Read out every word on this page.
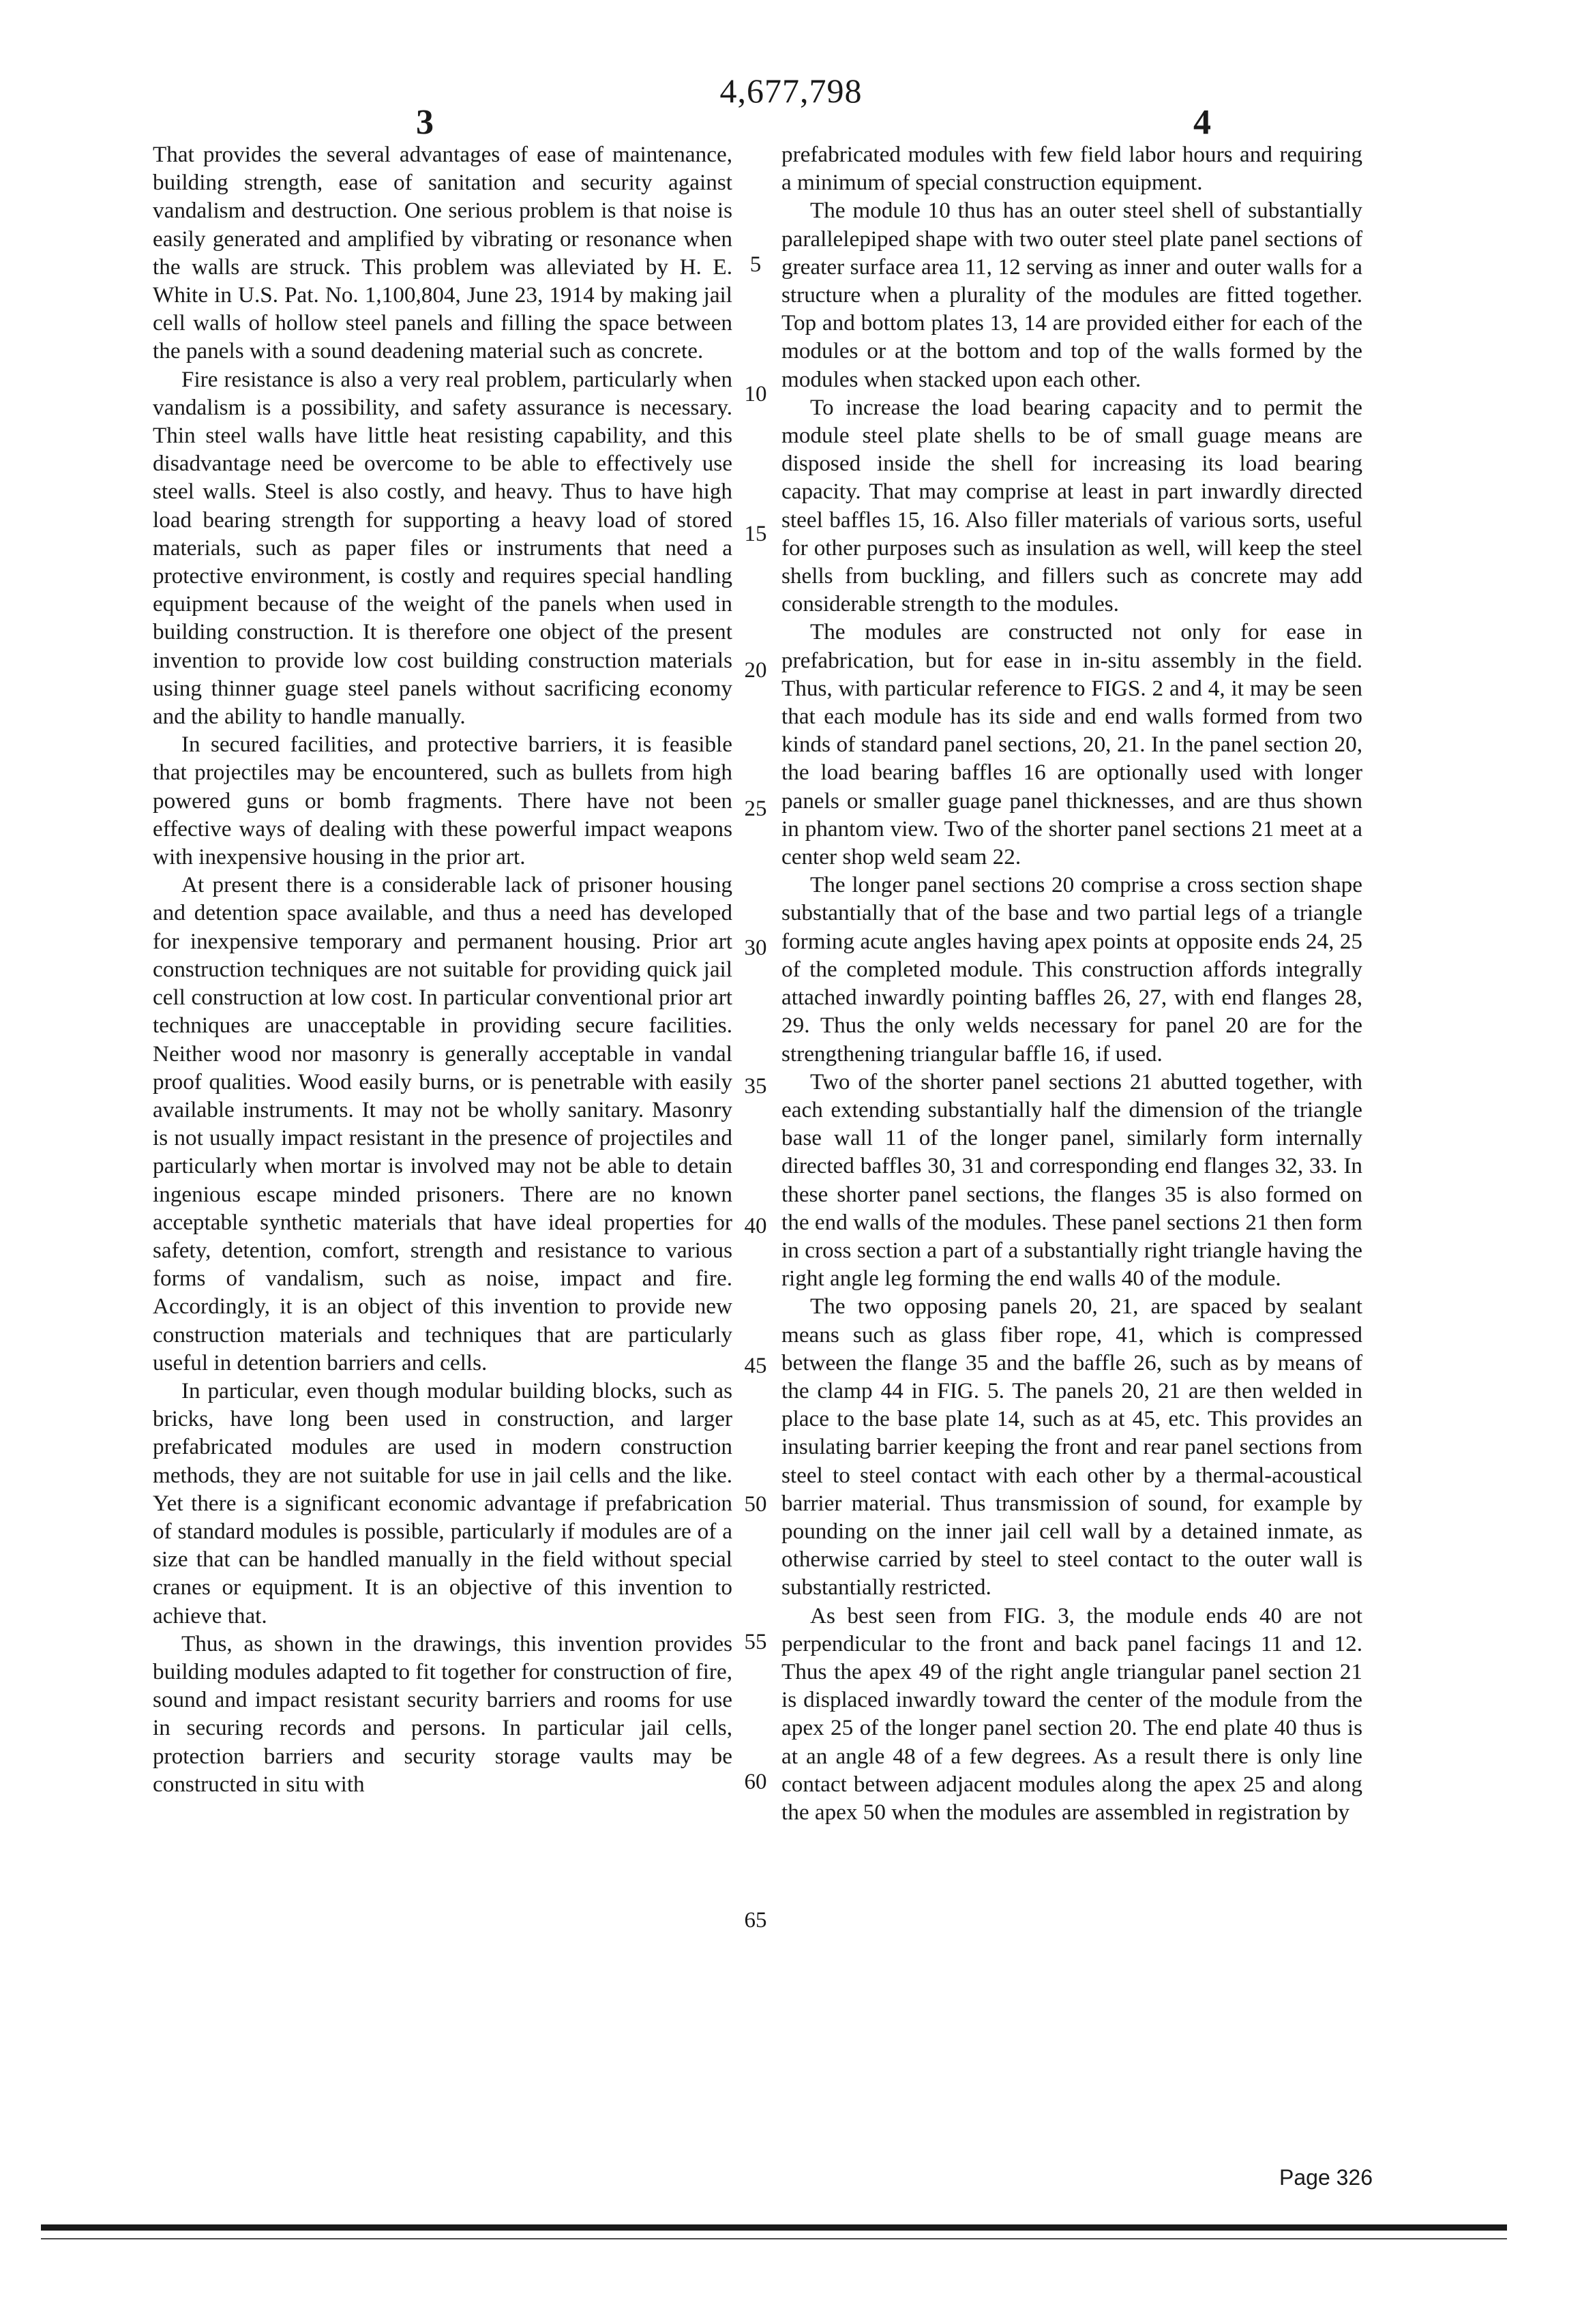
4,677,798
3	4

That provides the several advantages of ease of maintenance, building strength, ease of sanitation and security against vandalism and destruction. One serious problem is that noise is easily generated and amplified by vibrating or resonance when the walls are struck. This problem was alleviated by H. E. White in U.S. Pat. No. 1,100,804, June 23, 1914 by making jail cell walls of hollow steel panels and filling the space between the panels with a sound deadening material such as concrete.

Fire resistance is also a very real problem, particularly when vandalism is a possibility, and safety assurance is necessary. Thin steel walls have little heat resisting capability, and this disadvantage need be overcome to be able to effectively use steel walls. Steel is also costly, and heavy. Thus to have high load bearing strength for supporting a heavy load of stored materials, such as paper files or instruments that need a protective environment, is costly and requires special handling equipment because of the weight of the panels when used in building construction. It is therefore one object of the present invention to provide low cost building construction materials using thinner guage steel panels without sacrificing economy and the ability to handle manually.

In secured facilities, and protective barriers, it is feasible that projectiles may be encountered, such as bullets from high powered guns or bomb fragments. There have not been effective ways of dealing with these powerful impact weapons with inexpensive housing in the prior art.

At present there is a considerable lack of prisoner housing and detention space available, and thus a need has developed for inexpensive temporary and permanent housing. Prior art construction techniques are not suitable for providing quick jail cell construction at low cost. In particular conventional prior art techniques are unacceptable in providing secure facilities. Neither wood nor masonry is generally acceptable in vandal proof qualities. Wood easily burns, or is penetrable with easily available instruments. It may not be wholly sanitary. Masonry is not usually impact resistant in the presence of projectiles and particularly when mortar is involved may not be able to detain ingenious escape minded prisoners. There are no known acceptable synthetic materials that have ideal properties for safety, detention, comfort, strength and resistance to various forms of vandalism, such as noise, impact and fire. Accordingly, it is an object of this invention to provide new construction materials and techniques that are particularly useful in detention barriers and cells.

In particular, even though modular building blocks, such as bricks, have long been used in construction, and larger prefabricated modules are used in modern construction methods, they are not suitable for use in jail cells and the like. Yet there is a significant economic advantage if prefabrication of standard modules is possible, particularly if modules are of a size that can be handled manually in the field without special cranes or equipment. It is an objective of this invention to achieve that.

Thus, as shown in the drawings, this invention provides building modules adapted to fit together for construction of fire, sound and impact resistant security barriers and rooms for use in securing records and persons. In particular jail cells, protection barriers and security storage vaults may be constructed in situ with

prefabricated modules with few field labor hours and requiring a minimum of special construction equipment.

The module 10 thus has an outer steel shell of substantially parallelepiped shape with two outer steel plate panel sections of greater surface area 11, 12 serving as inner and outer walls for a structure when a plurality of the modules are fitted together. Top and bottom plates 13, 14 are provided either for each of the modules or at the bottom and top of the walls formed by the modules when stacked upon each other.

To increase the load bearing capacity and to permit the module steel plate shells to be of small guage means are disposed inside the shell for increasing its load bearing capacity. That may comprise at least in part inwardly directed steel baffles 15, 16. Also filler materials of various sorts, useful for other purposes such as insulation as well, will keep the steel shells from buckling, and fillers such as concrete may add considerable strength to the modules.

The modules are constructed not only for ease in prefabrication, but for ease in in-situ assembly in the field. Thus, with particular reference to FIGS. 2 and 4, it may be seen that each module has its side and end walls formed from two kinds of standard panel sections, 20, 21. In the panel section 20, the load bearing baffles 16 are optionally used with longer panels or smaller guage panel thicknesses, and are thus shown in phantom view. Two of the shorter panel sections 21 meet at a center shop weld seam 22.

The longer panel sections 20 comprise a cross section shape substantially that of the base and two partial legs of a triangle forming acute angles having apex points at opposite ends 24, 25 of the completed module. This construction affords integrally attached inwardly pointing baffles 26, 27, with end flanges 28, 29. Thus the only welds necessary for panel 20 are for the strengthening triangular baffle 16, if used.

Two of the shorter panel sections 21 abutted together, with each extending substantially half the dimension of the triangle base wall 11 of the longer panel, similarly form internally directed baffles 30, 31 and corresponding end flanges 32, 33. In these shorter panel sections, the flanges 35 is also formed on the end walls of the modules. These panel sections 21 then form in cross section a part of a substantially right triangle having the right angle leg forming the end walls 40 of the module.

The two opposing panels 20, 21, are spaced by sealant means such as glass fiber rope, 41, which is compressed between the flange 35 and the baffle 26, such as by means of the clamp 44 in FIG. 5. The panels 20, 21 are then welded in place to the base plate 14, such as at 45, etc. This provides an insulating barrier keeping the front and rear panel sections from steel to steel contact with each other by a thermal-acoustical barrier material. Thus transmission of sound, for example by pounding on the inner jail cell wall by a detained inmate, as otherwise carried by steel to steel contact to the outer wall is substantially restricted.

As best seen from FIG. 3, the module ends 40 are not perpendicular to the front and back panel facings 11 and 12. Thus the apex 49 of the right angle triangular panel section 21 is displaced inwardly toward the center of the module from the apex 25 of the longer panel section 20. The end plate 40 thus is at an angle 48 of a few degrees. As a result there is only line contact between adjacent modules along the apex 25 and along the apex 50 when the modules are assembled in registration by

5
10
15
20
25
30
35
40
45
50
55
60
65
Page 326
